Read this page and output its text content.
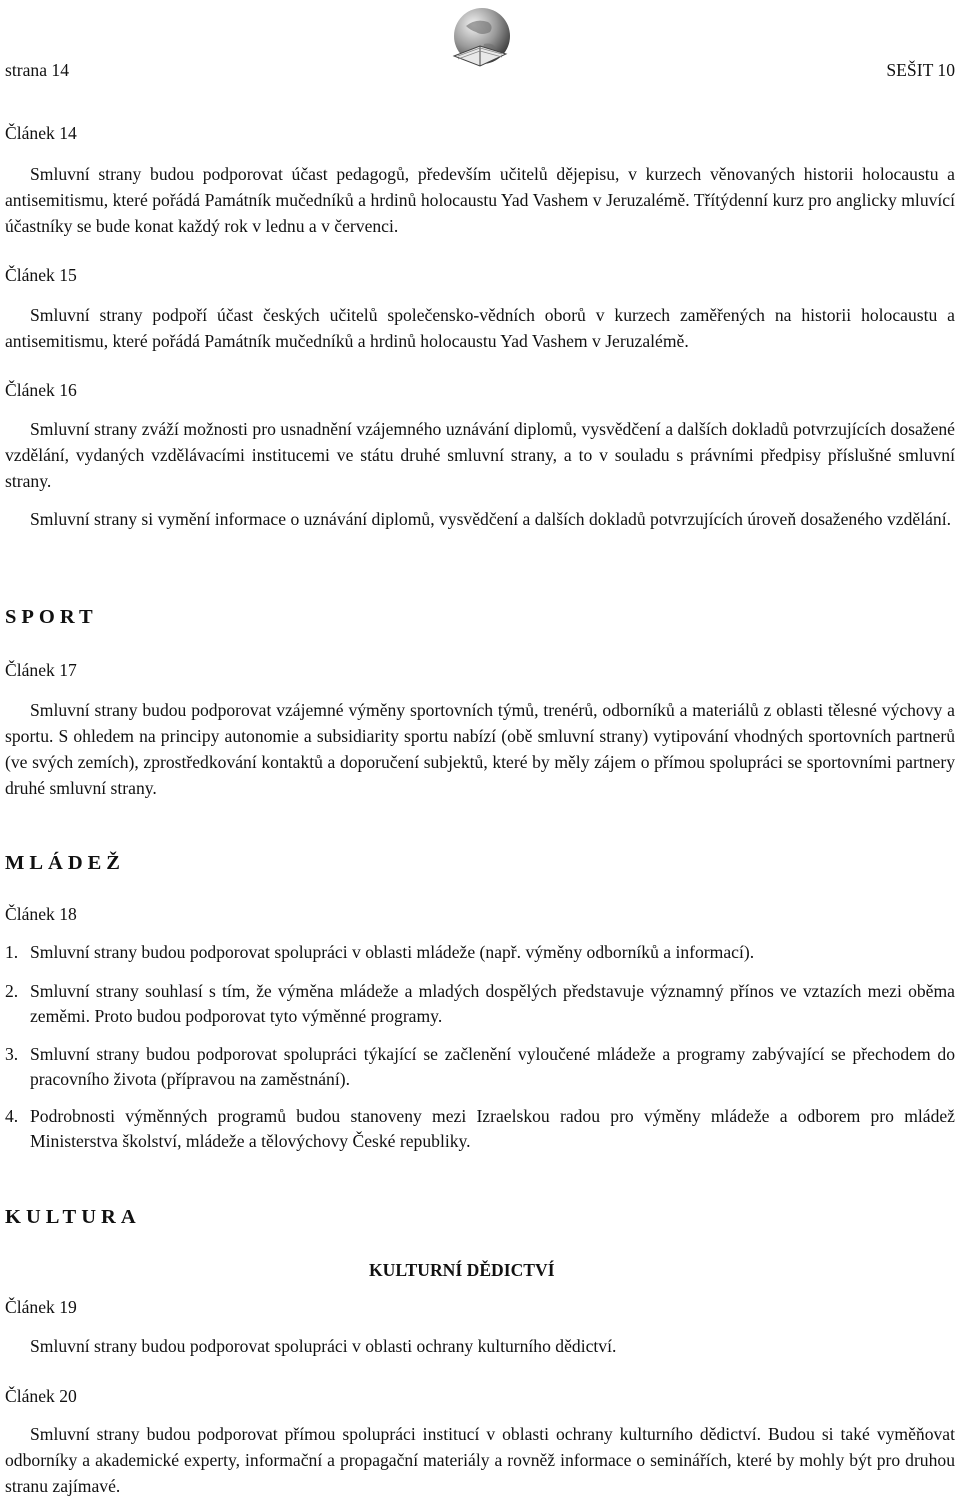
strana 14	SEŠIT 10
Článek 14

Smluvní strany budou podporovat účast pedagogů, především učitelů dějepisu, v kurzech věnovaných historii holocaustu a antisemitismu, které pořádá Památník mučedníků a hrdinů holocaustu Yad Vashem v Jeruzalémě. Třítýdenní kurz pro anglicky mluvící účastníky se bude konat každý rok v lednu a v červenci.

Článek 15

Smluvní strany podpoří účast českých učitelů společensko-vědních oborů v kurzech zaměřených na historii holocaustu a antisemitismu, které pořádá Památník mučedníků a hrdinů holocaustu Yad Vashem v Jeruzalémě.

Článek 16

Smluvní strany zváží možnosti pro usnadnění vzájemného uznávání diplomů, vysvědčení a dalších dokladů potvrzujících dosažené vzdělání, vydaných vzdělávacími institucemi ve státu druhé smluvní strany, a to v souladu s právními předpisy příslušné smluvní strany.

Smluvní strany si vymění informace o uznávání diplomů, vysvědčení a dalších dokladů potvrzujících úroveň dosaženého vzdělání.

SPORT
Článek 17

Smluvní strany budou podporovat vzájemné výměny sportovních týmů, trenérů, odborníků a materiálů z oblasti tělesné výchovy a sportu. S ohledem na principy autonomie a subsidiarity sportu nabízí (obě smluvní strany) vytipování vhodných sportovních partnerů (ve svých zemích), zprostředkování kontaktů a doporučení subjektů, které by měly zájem o přímou spolupráci se sportovními partnery druhé smluvní strany.

MLÁDEŽ
Článek 18

1. Smluvní strany budou podporovat spolupráci v oblasti mládeže (např. výměny odborníků a informací).

2. Smluvní strany souhlasí s tím, že výměna mládeže a mladých dospělých představuje významný přínos ve vztazích mezi oběma zeměmi. Proto budou podporovat tyto výměnné programy.

3. Smluvní strany budou podporovat spolupráci týkající se začlenění vyloučené mládeže a programy zabývající se přechodem do pracovního života (přípravou na zaměstnání).

4. Podrobnosti výměnných programů budou stanoveny mezi Izraelskou radou pro výměny mládeže a odborem pro mládež Ministerstva školství, mládeže a tělovýchovy České republiky.

KULTURA
KULTURNÍ DĚDICTVÍ
Článek 19

Smluvní strany budou podporovat spolupráci v oblasti ochrany kulturního dědictví.

Článek 20

Smluvní strany budou podporovat přímou spolupráci institucí v oblasti ochrany kulturního dědictví. Budou si také vyměňovat odborníky a akademické experty, informační a propagační materiály a rovněž informace o seminářích, které by mohly být pro druhou stranu zajímavé.
